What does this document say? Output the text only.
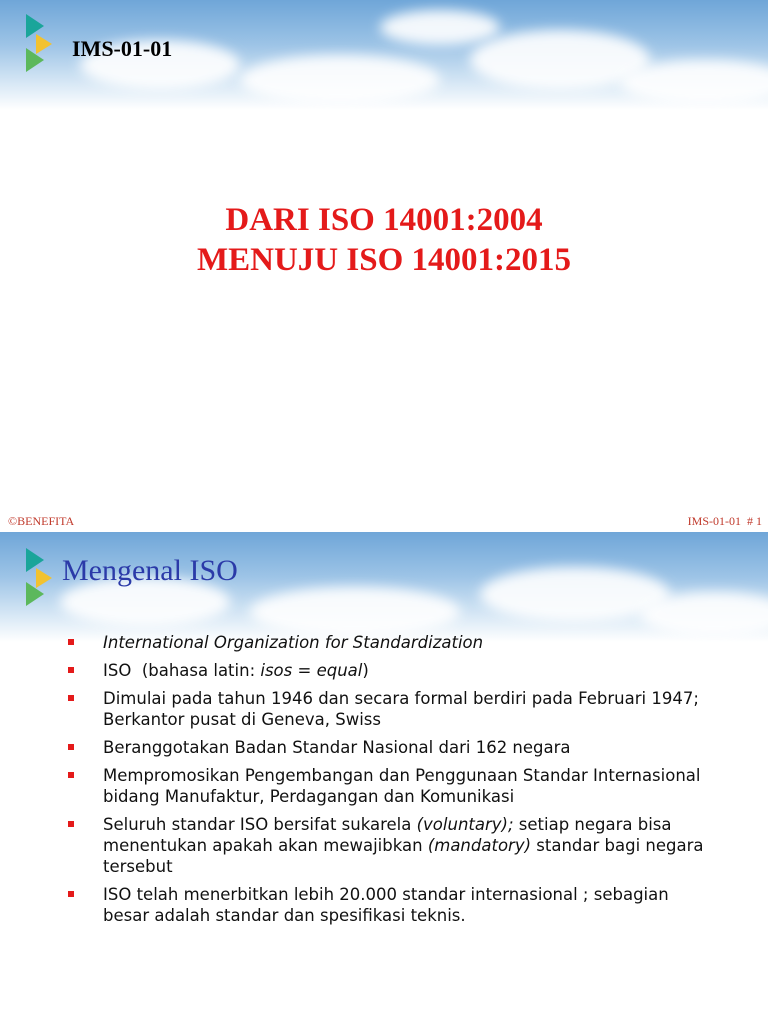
IMS-01-01
DARI ISO 14001:2004
MENUJU ISO 14001:2015
©BENEFITA	IMS-01-01  # 1
Mengenal ISO
International Organization for Standardization
ISO  (bahasa latin: isos = equal)
Dimulai pada tahun 1946 dan secara formal berdiri pada Februari 1947;
Berkantor pusat di Geneva, Swiss
Beranggotakan Badan Standar Nasional dari 162 negara
Mempromosikan Pengembangan dan Penggunaan Standar Internasional
bidang Manufaktur, Perdagangan dan Komunikasi
Seluruh standar ISO bersifat sukarela (voluntary); setiap negara bisa
menentukan apakah akan mewajibkan (mandatory) standar bagi negara
tersebut
ISO telah menerbitkan lebih 20.000 standar internasional ; sebagian
besar adalah standar dan spesifikasi teknis.
